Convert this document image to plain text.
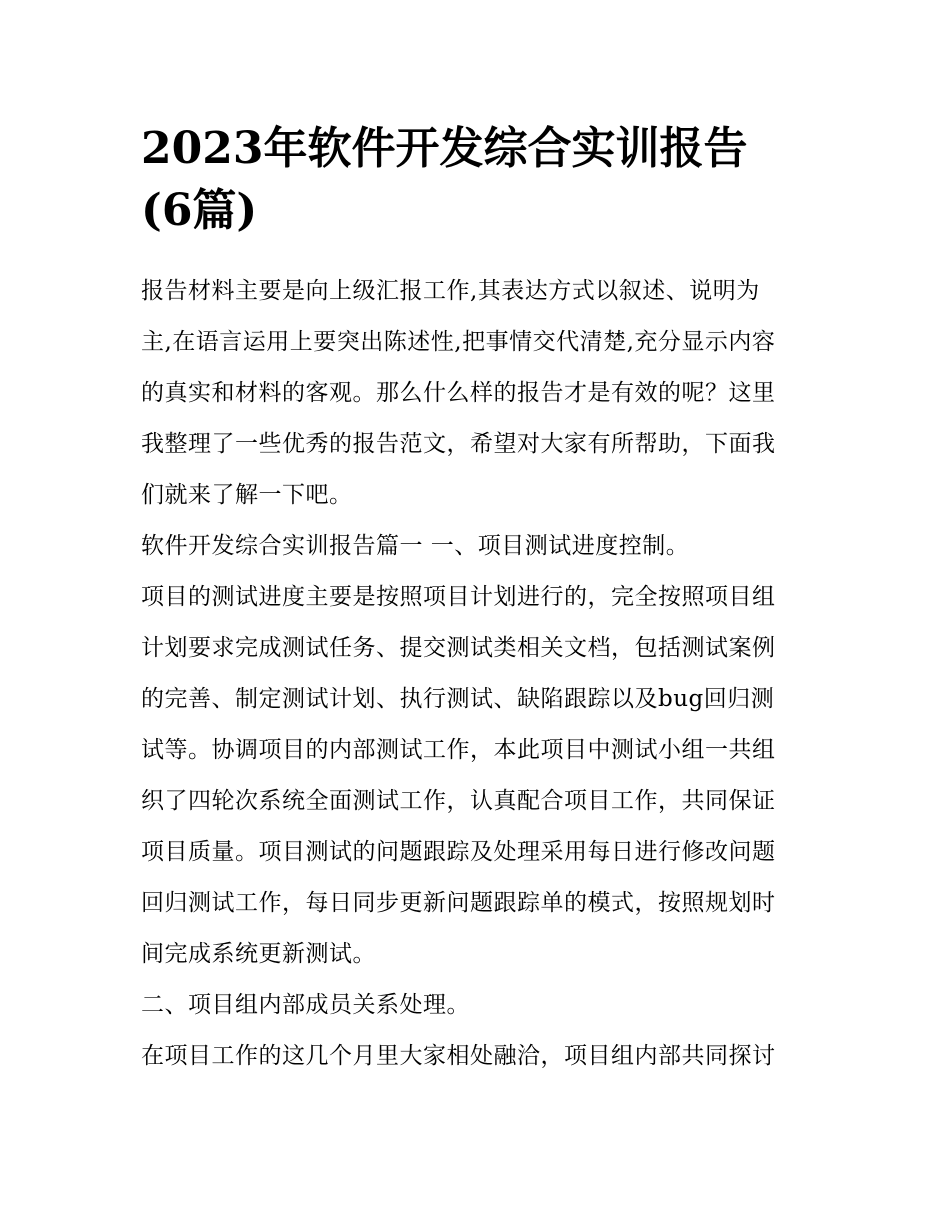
2023年软件开发综合实训报告
(6篇)
报告材料主要是向上级汇报工作,其表达方式以叙述、说明为
主,在语言运用上要突出陈述性,把事情交代清楚,充分显示内容
的真实和材料的客观。那么什么样的报告才是有效的呢？这里
我整理了一些优秀的报告范文，希望对大家有所帮助，下面我
们就来了解一下吧。
软件开发综合实训报告篇一 一、项目测试进度控制。
项目的测试进度主要是按照项目计划进行的，完全按照项目组
计划要求完成测试任务、提交测试类相关文档，包括测试案例
的完善、制定测试计划、执行测试、缺陷跟踪以及bug回归测
试等。协调项目的内部测试工作，本此项目中测试小组一共组
织了四轮次系统全面测试工作，认真配合项目工作，共同保证
项目质量。项目测试的问题跟踪及处理采用每日进行修改问题
回归测试工作，每日同步更新问题跟踪单的模式，按照规划时
间完成系统更新测试。
二、项目组内部成员关系处理。
在项目工作的这几个月里大家相处融洽，项目组内部共同探讨
